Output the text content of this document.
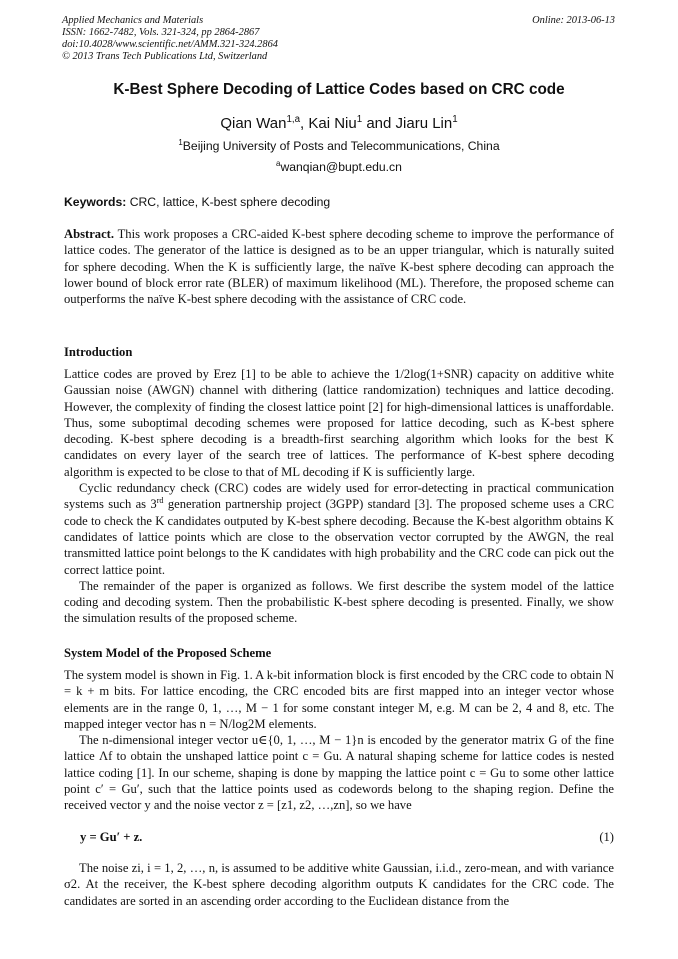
Applied Mechanics and Materials
ISSN: 1662-7482, Vols. 321-324, pp 2864-2867
doi:10.4028/www.scientific.net/AMM.321-324.2864
© 2013 Trans Tech Publications Ltd, Switzerland
Online: 2013-06-13
K-Best Sphere Decoding of Lattice Codes based on CRC code
Qian Wan$^{1,a}$, Kai Niu$^1$ and Jiaru Lin$^1$
$^1$Beijing University of Posts and Telecommunications, China
$^a$wanqian@bupt.edu.cn
Keywords: CRC, lattice, K-best sphere decoding

Abstract. This work proposes a CRC-aided K-best sphere decoding scheme to improve the performance of lattice codes. The generator of the lattice is designed as to be an upper triangular, which is naturally suited for sphere decoding. When the K is sufficiently large, the naïve K-best sphere decoding can approach the lower bound of block error rate (BLER) of maximum likelihood (ML). Therefore, the proposed scheme can outperforms the naïve K-best sphere decoding with the assistance of CRC code.

Introduction

Lattice codes are proved by Erez [1] to be able to achieve the 1/2log(1+SNR) capacity on additive white Gaussian noise (AWGN) channel with dithering (lattice randomization) techniques and lattice decoding. However, the complexity of finding the closest lattice point [2] for high-dimensional lattices is unaffordable. Thus, some suboptimal decoding schemes were proposed for lattice decoding, such as K-best sphere decoding. K-best sphere decoding is a breadth-first searching algorithm which looks for the best K candidates on every layer of the search tree of lattices. The performance of K-best sphere decoding algorithm is expected to be close to that of ML decoding if K is sufficiently large.

Cyclic redundancy check (CRC) codes are widely used for error-detecting in practical communication systems such as 3rd generation partnership project (3GPP) standard [3]. The proposed scheme uses a CRC code to check the K candidates outputed by K-best sphere decoding. Because the K-best algorithm obtains K candidates of lattice points which are close to the observation vector corrupted by the AWGN, the real transmitted lattice point belongs to the K candidates with high probability and the CRC code can pick out the correct lattice point.

The remainder of the paper is organized as follows. We first describe the system model of the lattice coding and decoding system. Then the probabilistic K-best sphere decoding is presented. Finally, we show the simulation results of the proposed scheme.

System Model of the Proposed Scheme

The system model is shown in Fig. 1. A k-bit information block is first encoded by the CRC code to obtain N = k + m bits. For lattice encoding, the CRC encoded bits are first mapped into an integer vector whose elements are in the range 0, 1, …, M − 1 for some constant integer M, e.g. M can be 2, 4 and 8, etc. The mapped integer vector has n = N/log2M elements.

The n-dimensional integer vector u∈{0, 1, …, M − 1}n is encoded by the generator matrix G of the fine lattice Λf to obtain the unshaped lattice point c = Gu. A natural shaping scheme for lattice codes is nested lattice coding [1]. In our scheme, shaping is done by mapping the lattice point c = Gu to some other lattice point c′ = Gu′, such that the lattice points used as codewords belong to the shaping region. Define the received vector y and the noise vector z = [z1, z2, …,zn], so we have

y = Gu′ + z.	(1)

The noise zi, i = 1, 2, …, n, is assumed to be additive white Gaussian, i.i.d., zero-mean, and with variance σ2. At the receiver, the K-best sphere decoding algorithm outputs K candidates for the CRC code. The candidates are sorted in an ascending order according to the Euclidean distance from the
